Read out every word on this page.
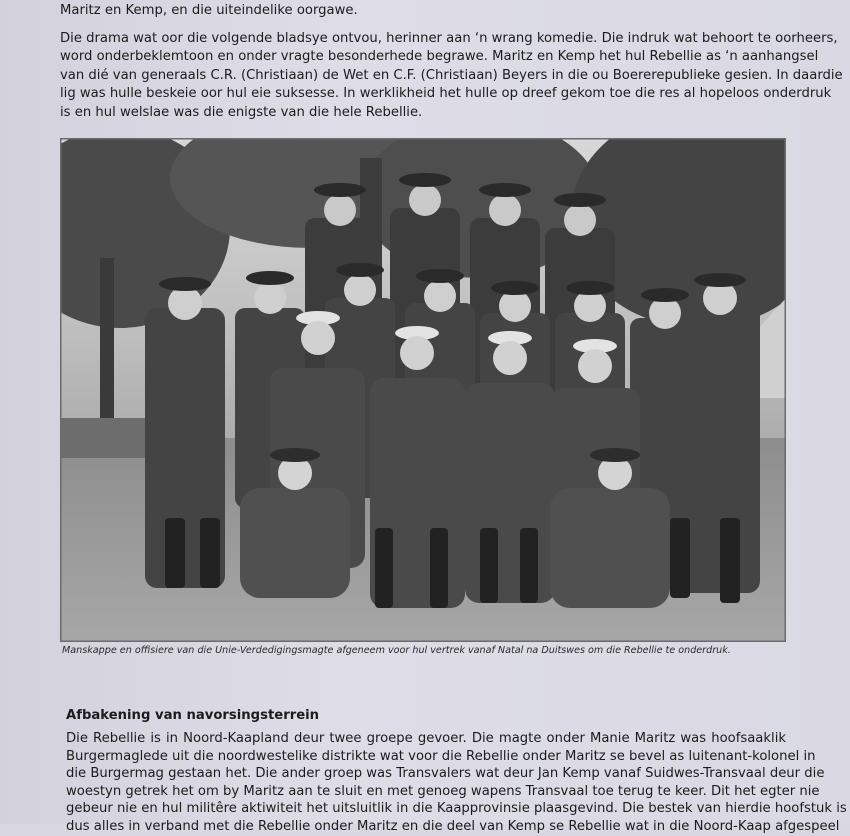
Maritz en Kemp, en die uiteindelike oorgawe.
Die drama wat oor die volgende bladsye ontvou, herinner aan ‘n wrang komedie. Die indruk wat behoort te oorheers,
word onderbeklemtoon en onder vragte besonderhede begrawe. Maritz en Kemp het hul Rebellie as ‘n aanhangsel
van dié van generaals C.R. (Christiaan) de Wet en C.F. (Christiaan) Beyers in die ou Boererepublieke gesien. In daardie
lig was hulle beskeie oor hul eie suksesse. In werklikheid het hulle op dreef gekom toe die res al hopeloos onderdruk
is en hul welslae was die enigste van die hele Rebellie.
Manskappe en offisiere van die Unie-Verdedigingsmagte afgeneem voor hul vertrek vanaf Natal na Duitswes om die Rebellie te onderdruk.
Afbakening van navorsingsterrein
Die Rebellie is in Noord-Kaapland deur twee groepe gevoer. Die magte onder Manie Maritz was hoofsaaklik
Burgermaglede uit die noordwestelike distrikte wat voor die Rebellie onder Maritz se bevel as luitenant-kolonel in
die Burgermag gestaan het. Die ander groep was Transvalers wat deur Jan Kemp vanaf Suidwes-Transvaal deur die
woestyn getrek het om by Maritz aan te sluit en met genoeg wapens Transvaal toe terug te keer. Dit het egter nie
gebeur nie en hul militêre aktiwiteit het uitsluitlik in die Kaapprovinsie plaasgevind. Die bestek van hierdie hoofstuk is
dus alles in verband met die Rebellie onder Maritz en die deel van Kemp se Rebellie wat in die Noord-Kaap afgespeel
